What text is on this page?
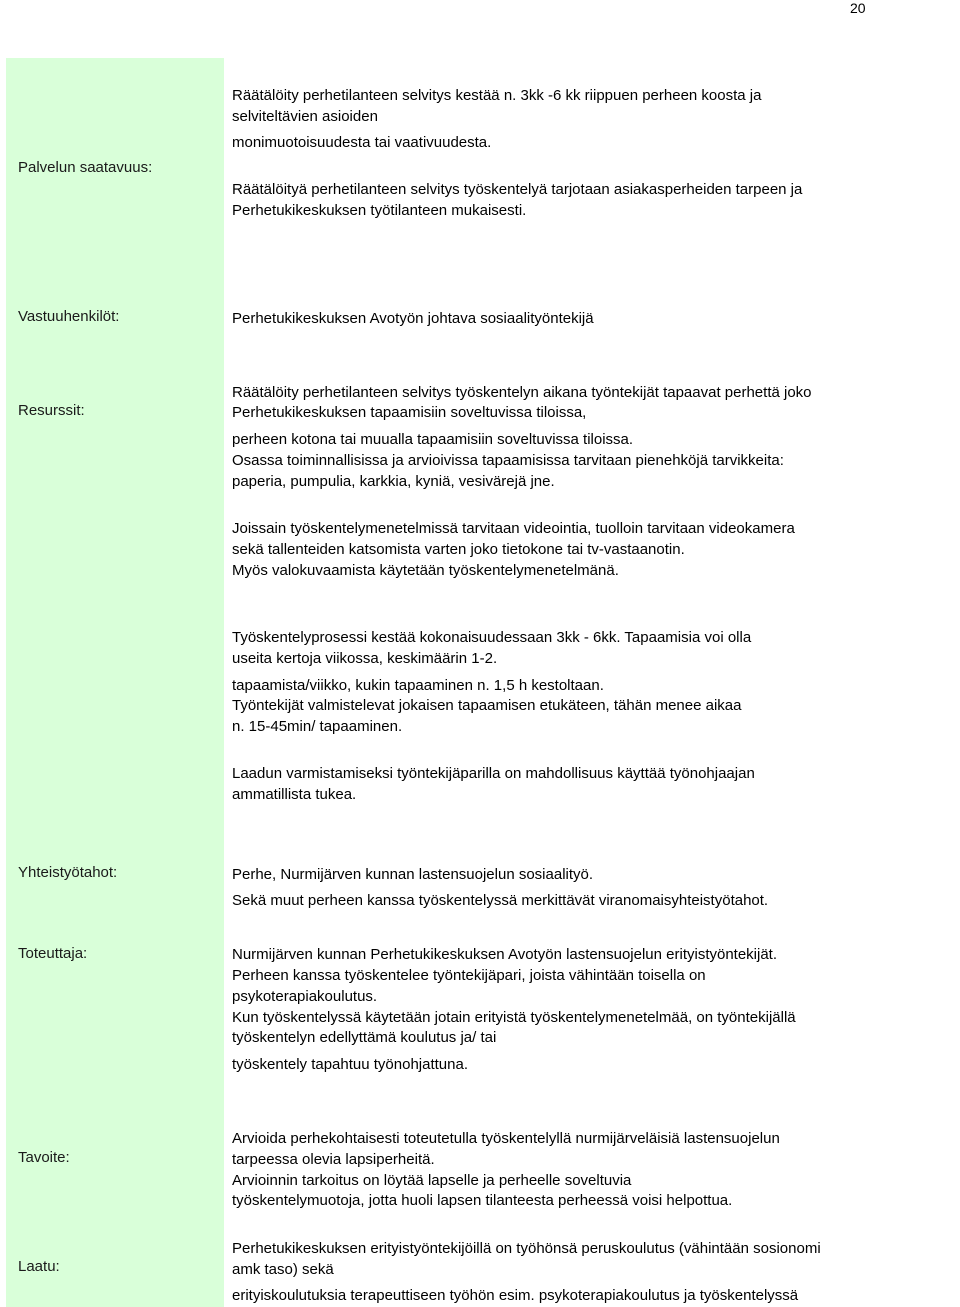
20
Palvelun saatavuus:
Vastuuhenkilöt:
Resurssit:
Yhteistyötahot:
Toteuttaja:
Tavoite:
Laatu:
Räätälöity perhetilanteen selvitys kestää n. 3kk -6 kk riippuen perheen koosta ja
selviteltävien asioiden
monimuotoisuudesta tai vaativuudesta.
Räätälöityä perhetilanteen selvitys työskentelyä tarjotaan asiakasperheiden tarpeen ja
Perhetukikeskuksen työtilanteen mukaisesti.
Perhetukikeskuksen Avotyön johtava sosiaalityöntekijä
Räätälöity perhetilanteen selvitys työskentelyn aikana työntekijät tapaavat perhettä joko
Perhetukikeskuksen tapaamisiin soveltuvissa tiloissa,
perheen kotona tai muualla tapaamisiin soveltuvissa tiloissa.
Osassa toiminnallisissa ja arvioivissa tapaamisissa tarvitaan pienehköjä tarvikkeita:
paperia, pumpulia, karkkia, kyniä, vesivärejä jne.
Joissain työskentelymenetelmissä tarvitaan videointia, tuolloin tarvitaan videokamera
sekä tallenteiden katsomista varten joko tietokone tai tv-vastaanotin.
Myös valokuvaamista käytetään työskentelymenetelmänä.
Työskentelyprosessi kestää kokonaisuudessaan 3kk - 6kk. Tapaamisia voi olla
useita kertoja viikossa, keskimäärin 1-2.
tapaamista/viikko, kukin tapaaminen n. 1,5 h kestoltaan.
Työntekijät valmistelevat jokaisen tapaamisen etukäteen, tähän menee aikaa
n. 15-45min/ tapaaminen.
Laadun varmistamiseksi työntekijäparilla on mahdollisuus käyttää työnohjaajan
ammatillista tukea.
Perhe, Nurmijärven kunnan lastensuojelun sosiaalityö.
Sekä muut perheen kanssa työskentelyssä merkittävät viranomaisyhteistyötahot.
Nurmijärven kunnan Perhetukikeskuksen Avotyön lastensuojelun erityistyöntekijät.
Perheen kanssa työskentelee työntekijäpari, joista vähintään toisella on
psykoterapiakoulutus.
Kun työskentelyssä käytetään jotain erityistä työskentelymenetelmää, on työntekijällä
työskentelyn edellyttämä koulutus ja/ tai
työskentely tapahtuu työnohjattuna.
Arvioida perhekohtaisesti toteutetulla työskentelyllä nurmijärveläisiä lastensuojelun
tarpeessa olevia lapsiperheitä.
Arvioinnin tarkoitus on löytää lapselle ja perheelle soveltuvia
työskentelymuotoja, jotta huoli lapsen tilanteesta perheessä voisi helpottua.
Perhetukikeskuksen erityistyöntekijöillä on työhönsä peruskoulutus (vähintään sosionomi
amk taso) sekä
erityiskoulutuksia terapeuttiseen työhön esim. psykoterapiakoulutus ja työskentelyssä
